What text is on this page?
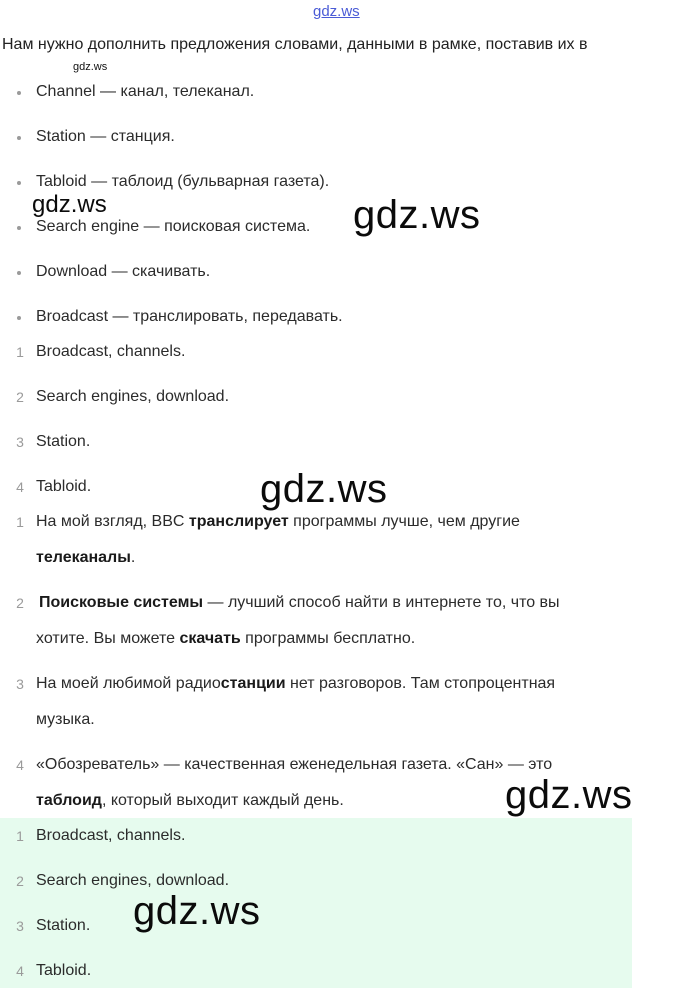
gdz.ws
Нам нужно дополнить предложения словами, данными в рамке, поставив их в
gdz.ws
Channel — канал, телеканал.
Station — станция.
Tabloid — таблоид (бульварная газета).
Search engine — поисковая система.
Download — скачивать.
Broadcast — транслировать, передавать.
1 Broadcast, channels.
2 Search engines, download.
3 Station.
4 Tabloid.
1 На мой взгляд, BBC транслирует программы лучше, чем другие
телеканалы.
2 Поисковые системы — лучший способ найти в интернете то, что вы
хотите. Вы можете скачать программы бесплатно.
3 На моей любимой радиостанции нет разговоров. Там стопроцентная
музыка.
4 «Обозреватель» — качественная еженедельная газета. «Сан» — это
таблоид, который выходит каждый день.
1 Broadcast, channels.
2 Search engines, download.
3 Station.
4 Tabloid.
gdz.ws	gdz.ws
gdz.ws
gdz.ws
gdz.ws
